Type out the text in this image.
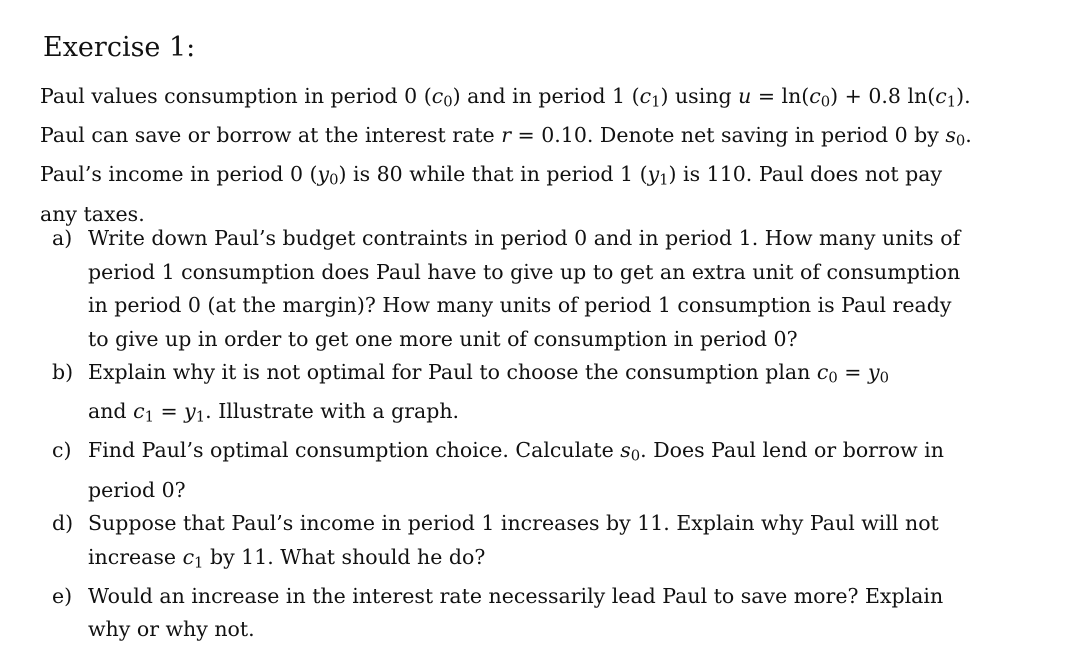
Exercise 1:

Paul values consumption in period 0 $(c_0)$ and in period 1 $(c_1)$ using $u = \ln(c_0) + 0.8$ $\ln(c_1)$.
Paul can save or borrow at the interest rate r = 0.10. Denote net saving in period 0 by $s_0$.
Paul’s income in period 0 $(y_0)$ is 80 while that in period 1 $(y_1)$ is 110. Paul does not pay
any taxes.

a) Write down Paul’s budget contraints in period 0 and in period 1. How many units of
period 1 consumption does Paul have to give up to get an extra unit of consumption
in period 0 (at the margin)? How many units of period 1 consumption is Paul ready
to give up in order to get one more unit of consumption in period 0?
b) Explain why it is not optimal for Paul to choose the consumption plan $c_0 = y_0$
and $c_1 = y_1$. Illustrate with a graph.
c) Find Paul’s optimal consumption choice. Calculate $s_0$. Does Paul lend or borrow in
period 0?
d) Suppose that Paul’s income in period 1 increases by 11. Explain why Paul will not
increase $c_1$ by 11. What should he do?
e) Would an increase in the interest rate necessarily lead Paul to save more? Explain
why or why not.
